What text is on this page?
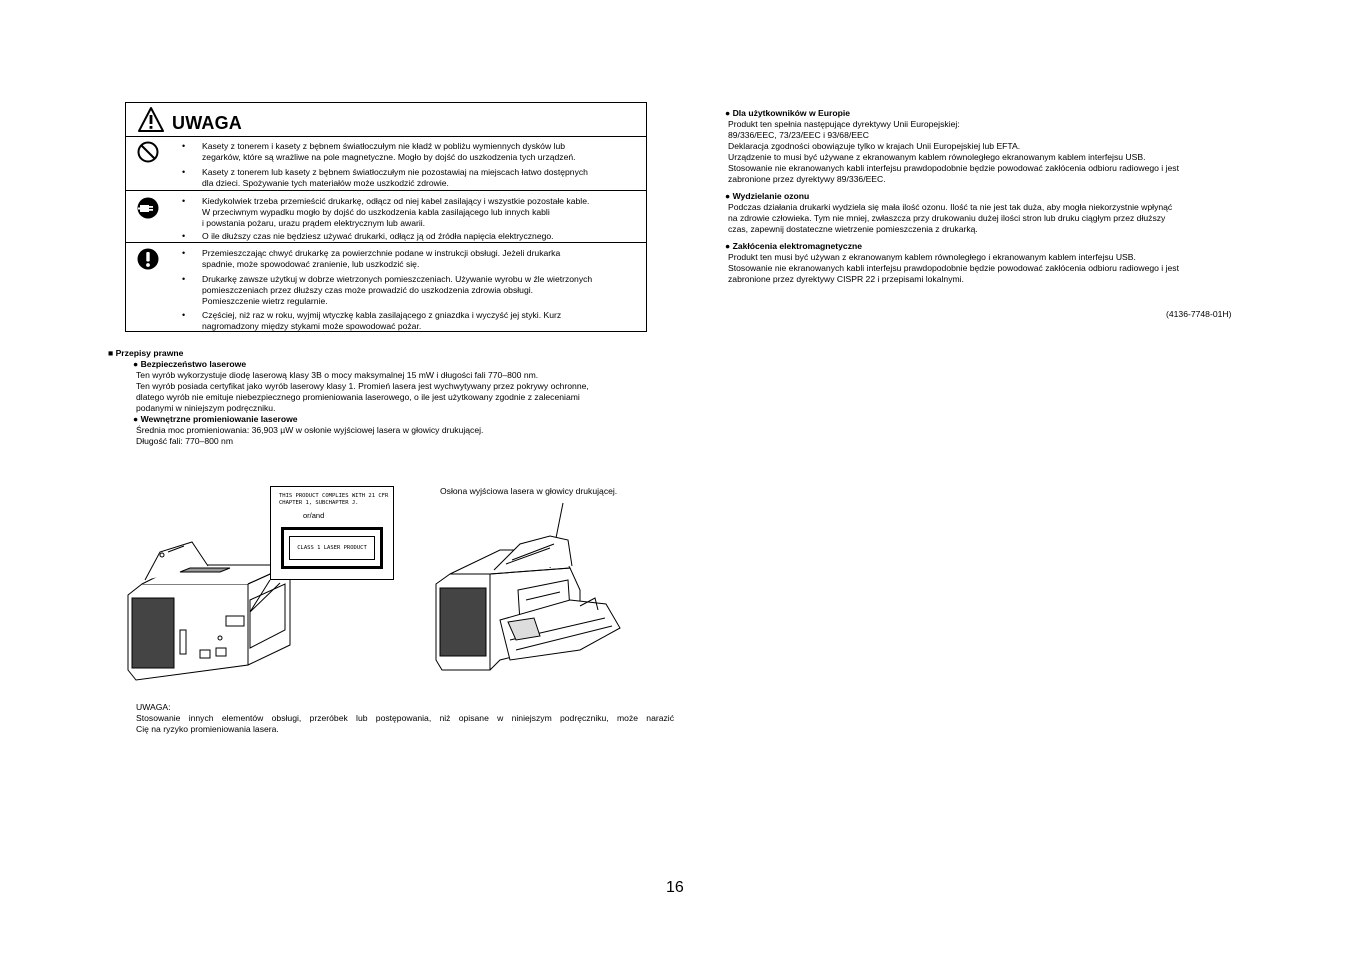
UWAGA
• Kasety z tonerem i kasety z bębnem światłoczułym nie kładź w pobliżu wymiennych dysków lub
zegarków, które są wrażliwe na pole magnetyczne. Mogło by dojść do uszkodzenia tych urządzeń.
• Kasety z tonerem lub kasety z bębnem światłoczułym nie pozostawiaj na miejscach łatwo dostępnych
dla dzieci. Spożywanie tych materiałów może uszkodzić zdrowie.
• Kiedykolwiek trzeba przemieścić drukarkę, odłącz od niej kabel zasilający i wszystkie pozostałe kable.
W przeciwnym wypadku mogło by dojść do uszkodzenia kabla zasilającego lub innych kabli
i powstania pożaru, urazu prądem elektrycznym lub awarii.
• O ile dłuższy czas nie będziesz używać drukarki, odłącz ją od źródła napięcia elektrycznego.
• Przemieszczając chwyć drukarkę za powierzchnie podane w instrukcji obsługi. Jeżeli drukarka
spadnie, może spowodować zranienie, lub uszkodzić się.
• Drukarkę zawsze użytkuj w dobrze wietrzonych pomieszczeniach. Używanie wyrobu w źle wietrzonych
pomieszczeniach przez dłuższy czas może prowadzić do uszkodzenia zdrowia obsługi.
Pomieszczenie wietrz regularnie.
• Częściej, niż raz w roku, wyjmij wtyczkę kabla zasilającego z gniazdka i wyczyść jej styki. Kurz
nagromadzony między stykami może spowodować pożar.
■ Przepisy prawne
● Bezpieczeństwo laserowe
Ten wyrób wykorzystuje diodę laserową klasy 3B o mocy maksymalnej 15 mW i długości fali 770–800 nm.
Ten wyrób posiada certyfikat jako wyrób laserowy klasy 1. Promień lasera jest wychwytywany przez pokrywy ochronne,
dlatego wyrób nie emituje niebezpiecznego promieniowania laserowego, o ile jest użytkowany zgodnie z zaleceniami
podanymi w niniejszym podręczniku.
● Wewnętrzne promieniowanie laserowe
Średnia moc promieniowania: 36,903 µW w osłonie wyjściowej lasera w głowicy drukującej.
Długość fali: 770–800 nm
THIS PRODUCT COMPLIES WITH 21 CFR
CHAPTER 1, SUBCHAPTER J.
or/and
CLASS 1 LASER PRODUCT
Osłona wyjściowa lasera w głowicy drukującej.
UWAGA:
Stosowanie innych elementów obsługi, przeróbek lub postępowania, niż opisane w niniejszym podręczniku, może narazić
Cię na ryzyko promieniowania lasera.
● Dla użytkowników w Europie
Produkt ten spełnia następujące dyrektywy Unii Europejskiej:
89/336/EEC, 73/23/EEC i 93/68/EEC
Deklaracja zgodności obowiązuje tylko w krajach Unii Europejskiej lub EFTA.
Urządzenie to musi być używane z ekranowanym kablem równoległego ekranowanym kablem interfejsu USB.
Stosowanie nie ekranowanych kabli interfejsu prawdopodobnie będzie powodować zakłócenia odbioru radiowego i jest
zabronione przez dyrektywy 89/336/EEC.
● Wydzielanie ozonu
Podczas działania drukarki wydziela się mała ilość ozonu. Ilość ta nie jest tak duża, aby mogła niekorzystnie wpłynąć
na zdrowie człowieka. Tym nie mniej, zwłaszcza przy drukowaniu dużej ilości stron lub druku ciągłym przez dłuższy
czas, zapewnij dostateczne wietrzenie pomieszczenia z drukarką.
● Zakłócenia elektromagnetyczne
Produkt ten musi być używan z ekranowanym kablem równoległego i ekranowanym kablem interfejsu USB.
Stosowanie nie ekranowanych kabli interfejsu prawdopodobnie będzie powodować zakłócenia odbioru radiowego i jest
zabronione przez dyrektywy CISPR 22 i przepisami lokalnymi.
(4136-7748-01H)
16
